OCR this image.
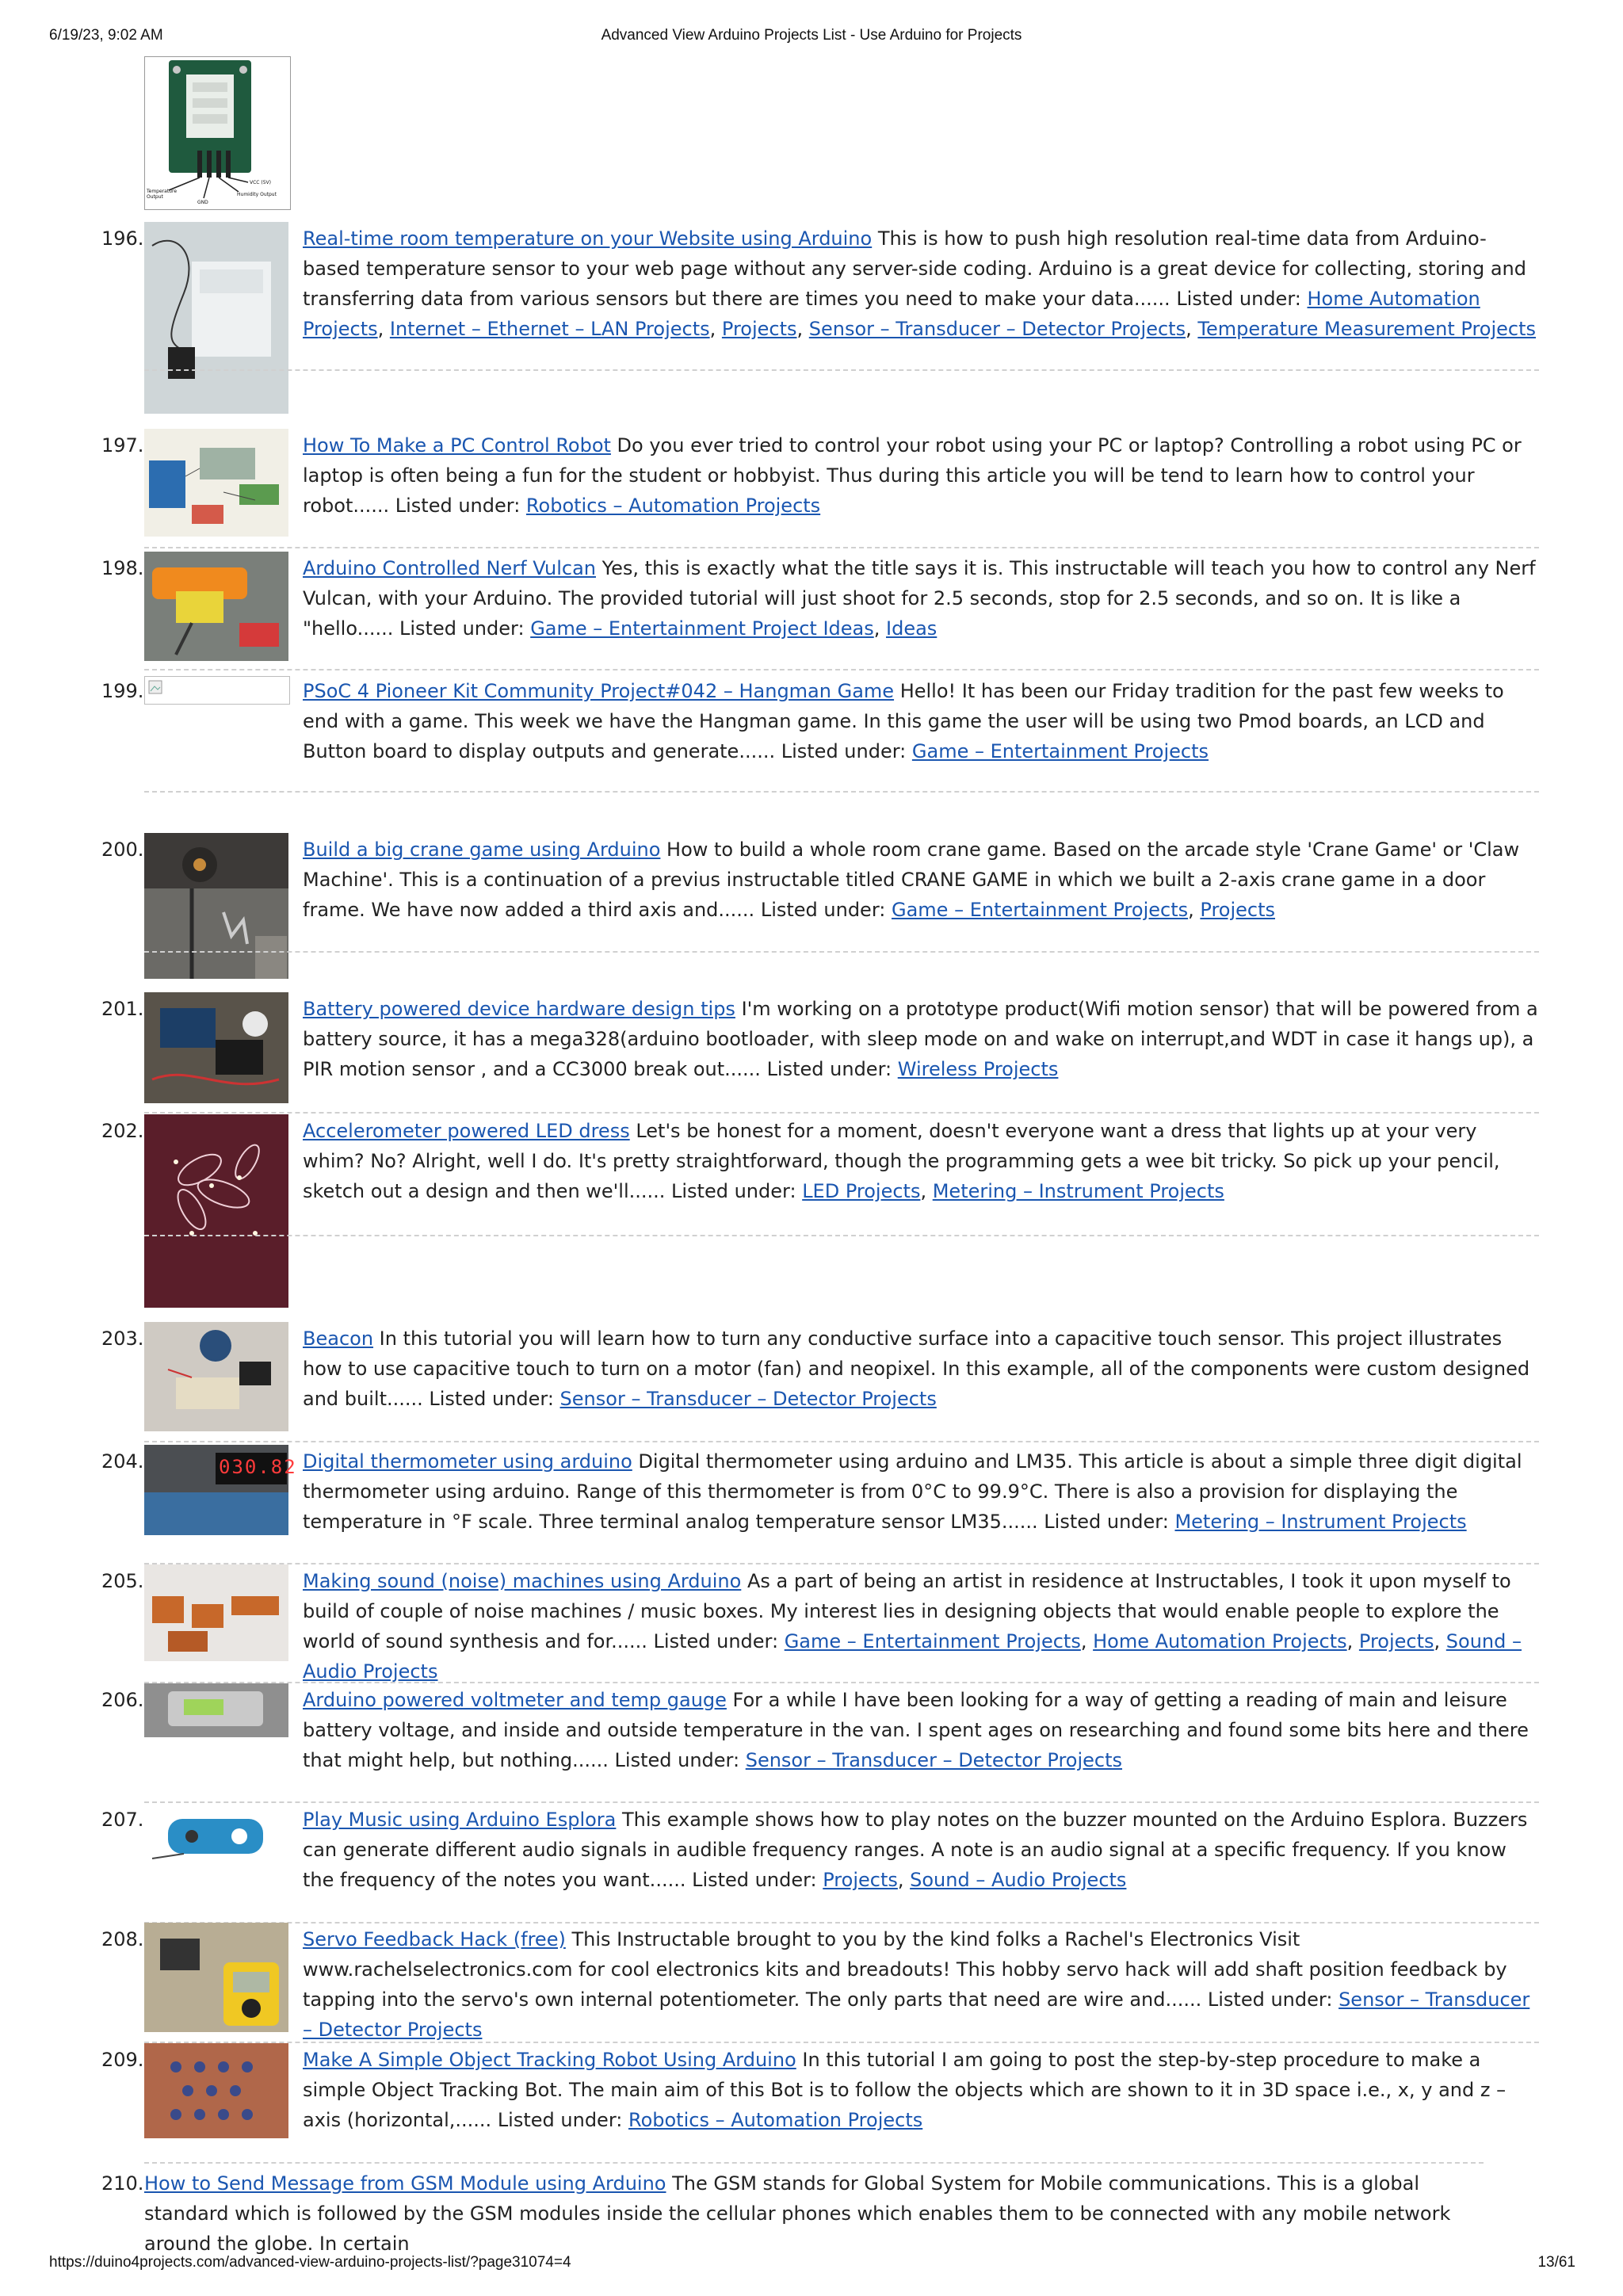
6/19/23, 9:02 AM	Advanced View Arduino Projects List - Use Arduino for Projects
Temperature Output
GND
Humidity Output
VCC (5V)
196.	Real-time room temperature on your Website using Arduino This is how to push high resolution real-time data from Arduino-based temperature sensor to your web page without any server-side coding. Arduino is a great device for collecting, storing and transferring data from various sensors but there are times you need to make your data...... Listed under: Home Automation Projects, Internet – Ethernet – LAN Projects, Projects, Sensor – Transducer – Detector Projects, Temperature Measurement Projects
197.	How To Make a PC Control Robot Do you ever tried to control your robot using your PC or laptop? Controlling a robot using PC or laptop is often being a fun for the student or hobbyist. Thus during this article you will be tend to learn how to control your robot...... Listed under: Robotics – Automation Projects
198.	Arduino Controlled Nerf Vulcan Yes, this is exactly what the title says it is. This instructable will teach you how to control any Nerf Vulcan, with your Arduino. The provided tutorial will just shoot for 2.5 seconds, stop for 2.5 seconds, and so on. It is like a "hello...... Listed under: Game – Entertainment Project Ideas, Ideas
199.	PSoC 4 Pioneer Kit Community Project#042 – Hangman Game Hello! It has been our Friday tradition for the past few weeks to end with a game. This week we have the Hangman game. In this game the user will be using two Pmod boards, an LCD and Button board to display outputs and generate...... Listed under: Game – Entertainment Projects
200.	Build a big crane game using Arduino How to build a whole room crane game. Based on the arcade style 'Crane Game' or 'Claw Machine'. This is a continuation of a previus instructable titled CRANE GAME in which we built a 2-axis crane game in a door frame. We have now added a third axis and...... Listed under: Game – Entertainment Projects, Projects
201.	Battery powered device hardware design tips I'm working on a prototype product(Wifi motion sensor) that will be powered from a battery source, it has a mega328(arduino bootloader, with sleep mode on and wake on interrupt,and WDT in case it hangs up), a PIR motion sensor , and a CC3000 break out...... Listed under: Wireless Projects
202.	Accelerometer powered LED dress Let's be honest for a moment, doesn't everyone want a dress that lights up at your very whim? No? Alright, well I do. It's pretty straightforward, though the programming gets a wee bit tricky. So pick up your pencil, sketch out a design and then we'll...... Listed under: LED Projects, Metering – Instrument Projects
203.	Beacon In this tutorial you will learn how to turn any conductive surface into a capacitive touch sensor. This project illustrates how to use capacitive touch to turn on a motor (fan) and neopixel. In this example, all of the components were custom designed and built...... Listed under: Sensor – Transducer – Detector Projects
204.	030.82 Digital thermometer using arduino Digital thermometer using arduino and LM35. This article is about a simple three digit digital thermometer using arduino. Range of this thermometer is from 0°C to 99.9°C. There is also a provision for displaying the temperature in °F scale. Three terminal analog temperature sensor LM35...... Listed under: Metering – Instrument Projects
205.	Making sound (noise) machines using Arduino As a part of being an artist in residence at Instructables, I took it upon myself to build of couple of noise machines / music boxes. My interest lies in designing objects that would enable people to explore the world of sound synthesis and for...... Listed under: Game – Entertainment Projects, Home Automation Projects, Projects, Sound – Audio Projects
206.	Arduino powered voltmeter and temp gauge For a while I have been looking for a way of getting a reading of main and leisure battery voltage, and inside and outside temperature in the van. I spent ages on researching and found some bits here and there that might help, but nothing...... Listed under: Sensor – Transducer – Detector Projects
207.	Play Music using Arduino Esplora This example shows how to play notes on the buzzer mounted on the Arduino Esplora. Buzzers can generate different audio signals in audible frequency ranges. A note is an audio signal at a specific frequency. If you know the frequency of the notes you want...... Listed under: Projects, Sound – Audio Projects
208.	Servo Feedback Hack (free) This Instructable brought to you by the kind folks a Rachel's Electronics Visit www.rachelselectronics.com for cool electronics kits and breadouts! This hobby servo hack will add shaft position feedback by tapping into the servo's own internal potentiometer. The only parts that need are wire and...... Listed under: Sensor – Transducer – Detector Projects
209.	Make A Simple Object Tracking Robot Using Arduino In this tutorial I am going to post the step-by-step procedure to make a simple Object Tracking Bot. The main aim of this Bot is to follow the objects which are shown to it in 3D space i.e., x, y and z – axis (horizontal,...... Listed under: Robotics – Automation Projects
210. How to Send Message from GSM Module using Arduino The GSM stands for Global System for Mobile communications. This is a global standard which is followed by the GSM modules inside the cellular phones which enables them to be connected with any mobile network around the globe. In certain
https://duino4projects.com/advanced-view-arduino-projects-list/?page31074=4	13/61
